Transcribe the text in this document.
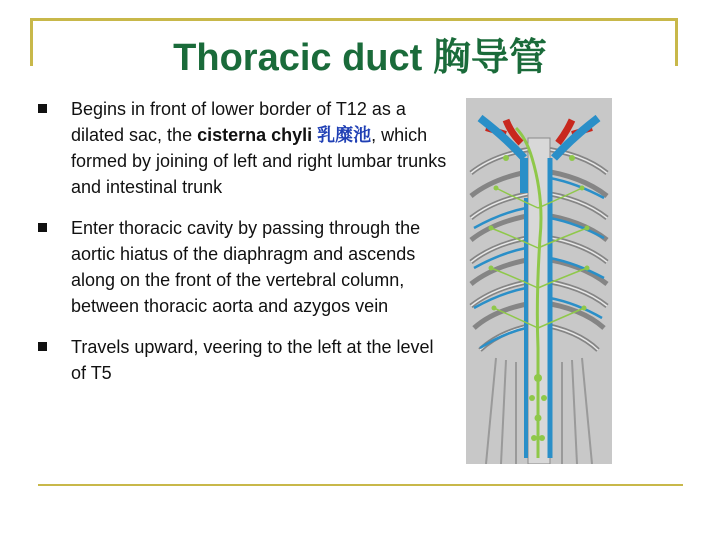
Thoracic duct 胸导管
Begins in front of lower border of T12 as a dilated sac, the cisterna chyli 乳糜池, which formed by joining of left and right lumbar trunks and intestinal trunk
Enter thoracic cavity by passing through the aortic hiatus of the diaphragm and ascends along on the front of the vertebral column, between thoracic aorta and azygos vein
Travels upward, veering to the left at the level of T5
